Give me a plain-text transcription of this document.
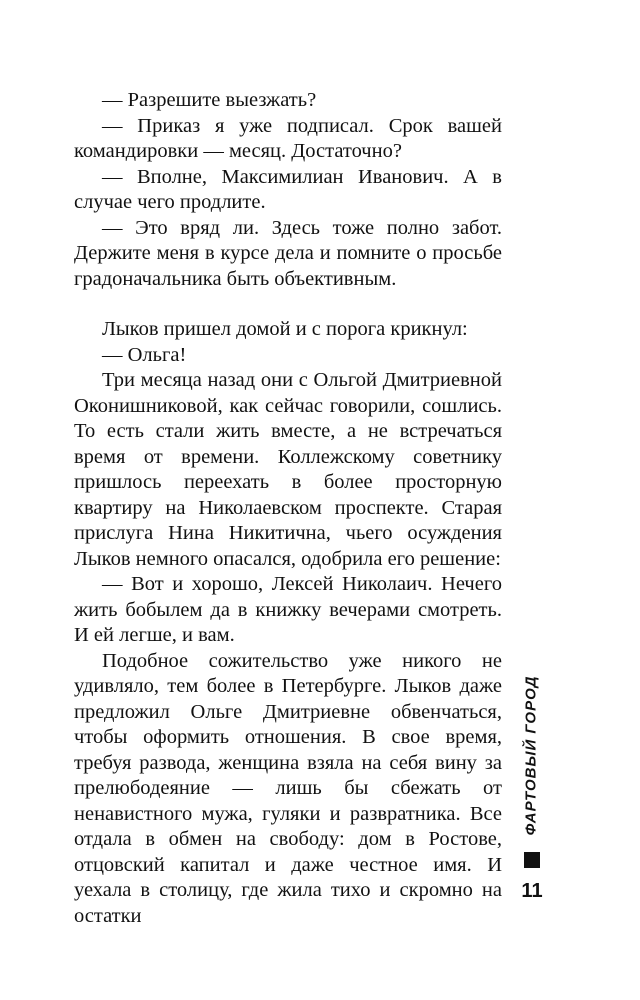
— Разрешите выезжать?

— Приказ я уже подписал. Срок вашей командировки — месяц. Достаточно?

— Вполне, Максимилиан Иванович. А в случае чего продлите.

— Это вряд ли. Здесь тоже полно забот. Держите меня в курсе дела и помните о просьбе градоначальника быть объективным.

Лыков пришел домой и с порога крикнул:

— Ольга!

Три месяца назад они с Ольгой Дмитриевной Оконишниковой, как сейчас говорили, сошлись. То есть стали жить вместе, а не встречаться время от времени. Коллежскому советнику пришлось переехать в более просторную квартиру на Николаевском проспекте. Старая прислуга Нина Никитична, чьего осуждения Лыков немного опасался, одобрила его решение:

— Вот и хорошо, Лексей Николаич. Нечего жить бобылем да в книжку вечерами смотреть. И ей легше, и вам.

Подобное сожительство уже никого не удивляло, тем более в Петербурге. Лыков даже предложил Ольге Дмитриевне обвенчаться, чтобы оформить отношения. В свое время, требуя развода, женщина взяла на себя вину за прелюбодеяние — лишь бы сбежать от ненавистного мужа, гуляки и развратника. Все отдала в обмен на свободу: дом в Ростове, отцовский капитал и даже честное имя. И уехала в столицу, где жила тихо и скромно на остатки

ФАРТОВЫЙ ГОРОД
11
